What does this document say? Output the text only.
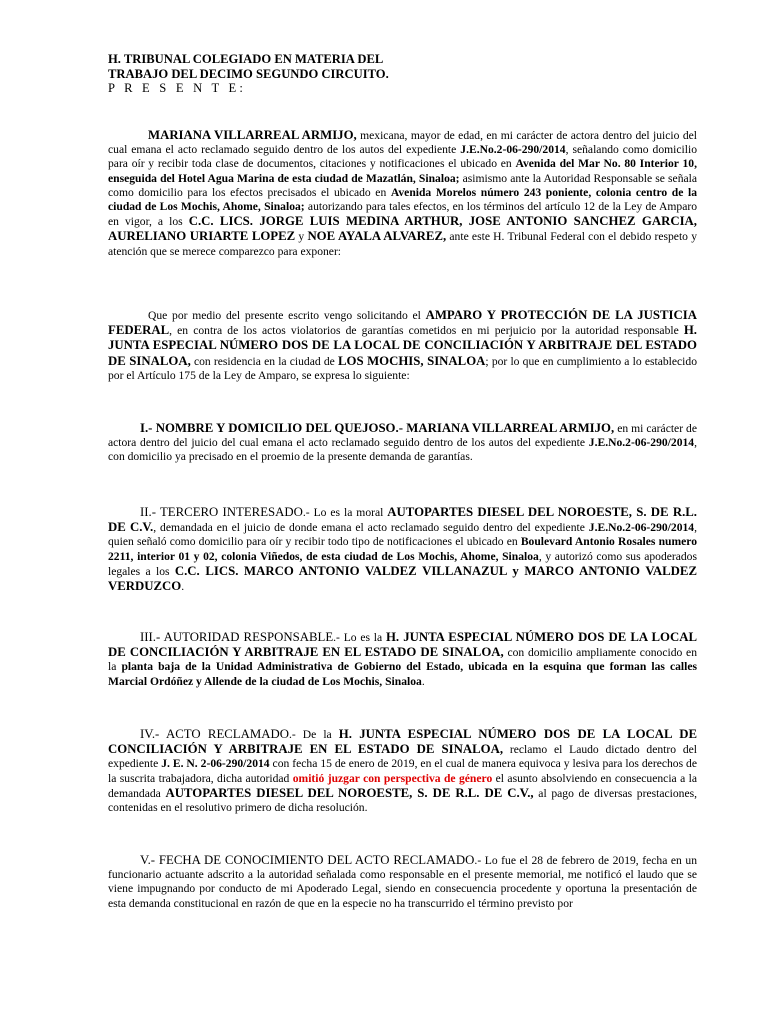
H. TRIBUNAL COLEGIADO EN MATERIA DEL
TRABAJO DEL DECIMO SEGUNDO CIRCUITO.
P R E S E N T E:
MARIANA VILLARREAL ARMIJO, mexicana, mayor de edad, en mi carácter de actora dentro del juicio del cual emana el acto reclamado seguido dentro de los autos del expediente J.E.No.2-06-290/2014, señalando como domicilio para oír y recibir toda clase de documentos, citaciones y notificaciones el ubicado en Avenida del Mar No. 80 Interior 10, enseguida del Hotel Agua Marina de esta ciudad de Mazatlán, Sinaloa; asimismo ante la Autoridad Responsable se señala como domicilio para los efectos precisados el ubicado en Avenida Morelos número 243 poniente, colonia centro de la ciudad de Los Mochis, Ahome, Sinaloa; autorizando para tales efectos, en los términos del artículo 12 de la Ley de Amparo en vigor, a los C.C. LICS. JORGE LUIS MEDINA ARTHUR, JOSE ANTONIO SANCHEZ GARCIA, AURELIANO URIARTE LOPEZ y NOE AYALA ALVAREZ, ante este H. Tribunal Federal con el debido respeto y atención que se merece comparezco para exponer:
Que por medio del presente escrito vengo solicitando el AMPARO Y PROTECCIÓN DE LA JUSTICIA FEDERAL, en contra de los actos violatorios de garantías cometidos en mi perjuicio por la autoridad responsable H. JUNTA ESPECIAL NÚMERO DOS DE LA LOCAL DE CONCILIACIÓN Y ARBITRAJE DEL ESTADO DE SINALOA, con residencia en la ciudad de LOS MOCHIS, SINALOA; por lo que en cumplimiento a lo establecido por el Artículo 175 de la Ley de Amparo, se expresa lo siguiente:
I.- NOMBRE Y DOMICILIO DEL QUEJOSO.- MARIANA VILLARREAL ARMIJO, en mi carácter de actora dentro del juicio del cual emana el acto reclamado seguido dentro de los autos del expediente J.E.No.2-06-290/2014, con domicilio ya precisado en el proemio de la presente demanda de garantías.
II.- TERCERO INTERESADO.- Lo es la moral AUTOPARTES DIESEL DEL NOROESTE, S. DE R.L. DE C.V., demandada en el juicio de donde emana el acto reclamado seguido dentro del expediente J.E.No.2-06-290/2014, quien señaló como domicilio para oír y recibir todo tipo de notificaciones el ubicado en Boulevard Antonio Rosales numero 2211, interior 01 y 02, colonia Viñedos, de esta ciudad de Los Mochis, Ahome, Sinaloa, y autorizó como sus apoderados legales a los C.C. LICS. MARCO ANTONIO VALDEZ VILLANAZUL y MARCO ANTONIO VALDEZ VERDUZCO.
III.- AUTORIDAD RESPONSABLE.- Lo es la H. JUNTA ESPECIAL NÚMERO DOS DE LA LOCAL DE CONCILIACIÓN Y ARBITRAJE EN EL ESTADO DE SINALOA, con domicilio ampliamente conocido en la planta baja de la Unidad Administrativa de Gobierno del Estado, ubicada en la esquina que forman las calles Marcial Ordóñez y Allende de la ciudad de Los Mochis, Sinaloa.
IV.- ACTO RECLAMADO.- De la H. JUNTA ESPECIAL NÚMERO DOS DE LA LOCAL DE CONCILIACIÓN Y ARBITRAJE EN EL ESTADO DE SINALOA, reclamo el Laudo dictado dentro del expediente J. E. N. 2-06-290/2014 con fecha 15 de enero de 2019, en el cual de manera equivoca y lesiva para los derechos de la suscrita trabajadora, dicha autoridad omitió juzgar con perspectiva de género el asunto absolviendo en consecuencia a la demandada AUTOPARTES DIESEL DEL NOROESTE, S. DE R.L. DE C.V., al pago de diversas prestaciones, contenidas en el resolutivo primero de dicha resolución.
V.- FECHA DE CONOCIMIENTO DEL ACTO RECLAMADO.- Lo fue el 28 de febrero de 2019, fecha en un funcionario actuante adscrito a la autoridad señalada como responsable en el presente memorial, me notificó el laudo que se viene impugnando por conducto de mi Apoderado Legal, siendo en consecuencia procedente y oportuna la presentación de esta demanda constitucional en razón de que en la especie no ha transcurrido el término previsto por
